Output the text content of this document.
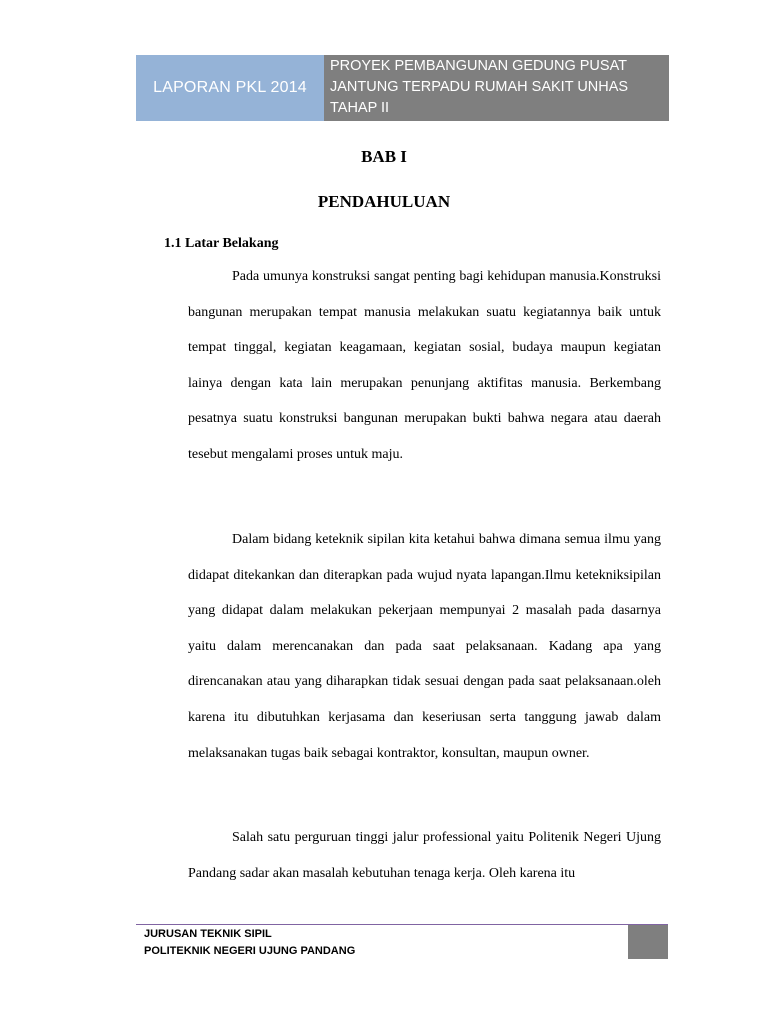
LAPORAN PKL 2014
PROYEK PEMBANGUNAN GEDUNG PUSAT
JANTUNG TERPADU RUMAH SAKIT UNHAS
TAHAP II
BAB I
PENDAHULUAN
1.1 Latar Belakang

Pada umunya konstruksi sangat penting bagi kehidupan manusia.Konstruksi bangunan merupakan tempat manusia melakukan suatu kegiatannya baik untuk tempat tinggal, kegiatan keagamaan, kegiatan sosial, budaya maupun kegiatan lainya dengan kata lain merupakan penunjang aktifitas manusia. Berkembang pesatnya suatu konstruksi bangunan merupakan bukti bahwa negara atau daerah tesebut mengalami proses untuk maju.

Dalam bidang keteknik sipilan kita ketahui bahwa dimana semua ilmu yang didapat ditekankan dan diterapkan pada wujud nyata lapangan.Ilmu ketekniksipilan yang didapat dalam melakukan pekerjaan mempunyai 2 masalah pada dasarnya yaitu dalam merencanakan dan pada saat pelaksanaan. Kadang apa yang direncanakan atau yang diharapkan tidak sesuai dengan pada saat pelaksanaan.oleh karena itu dibutuhkan kerjasama dan keseriusan serta tanggung jawab dalam melaksanakan tugas baik sebagai kontraktor, konsultan, maupun owner.

Salah satu perguruan tinggi jalur professional yaitu Politenik Negeri Ujung Pandang sadar akan masalah kebutuhan tenaga kerja. Oleh karena itu

JURUSAN TEKNIK SIPIL
POLITEKNIK NEGERI UJUNG PANDANG
